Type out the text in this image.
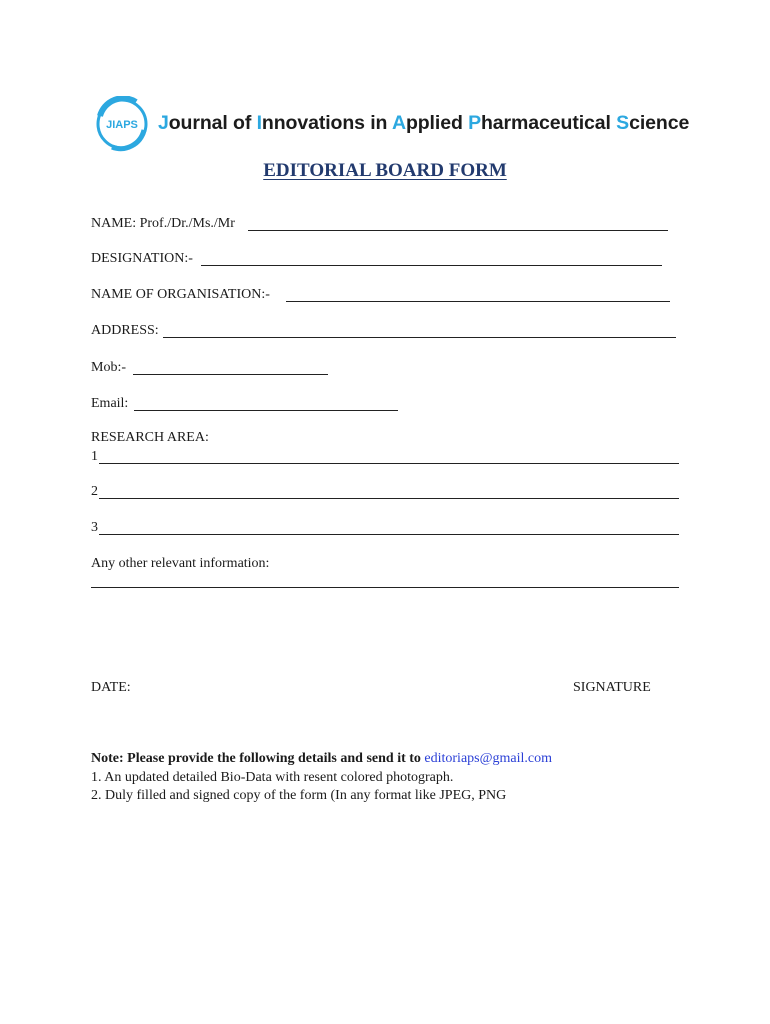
JIAPS Journal of Innovations in Applied Pharmaceutical Science
EDITORIAL BOARD FORM
NAME: Prof./Dr./Ms./Mr
DESIGNATION:-
NAME OF ORGANISATION:-
ADDRESS:
Mob:-
Email:
RESEARCH AREA:
1
2
3
Any other relevant information:
DATE:	SIGNATURE
Note: Please provide the following details and send it to editoriaps@gmail.com
1. An updated detailed Bio-Data with resent colored photograph.
2. Duly filled and signed copy of the form (In any format like JPEG, PNG
